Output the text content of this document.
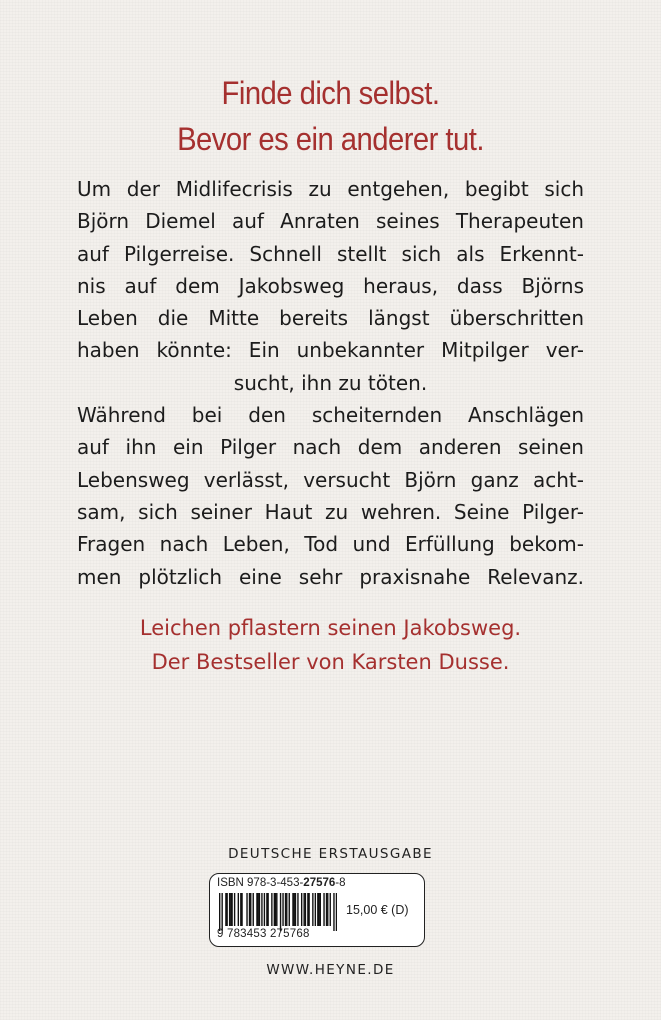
Finde dich selbst.
Bevor es ein anderer tut.
Um der Midlifecrisis zu entgehen, begibt sich
Björn Diemel auf Anraten seines Therapeuten
auf Pilgerreise. Schnell stellt sich als Erkennt-
nis auf dem Jakobsweg heraus, dass Björns
Leben die Mitte bereits längst überschritten
haben könnte: Ein unbekannter Mitpilger ver-
sucht, ihn zu töten.
Während bei den scheiternden Anschlägen
auf ihn ein Pilger nach dem anderen seinen
Lebensweg verlässt, versucht Björn ganz acht-
sam, sich seiner Haut zu wehren. Seine Pilger-
Fragen nach Leben, Tod und Erfüllung bekom-
men plötzlich eine sehr praxisnahe Relevanz.
Leichen pflastern seinen Jakobsweg.
Der Bestseller von Karsten Dusse.
DEUTSCHE ERSTAUSGABE
ISBN 978-3-453-27576-8
9 783453 275768
15,00 € (D)
WWW.HEYNE.DE
